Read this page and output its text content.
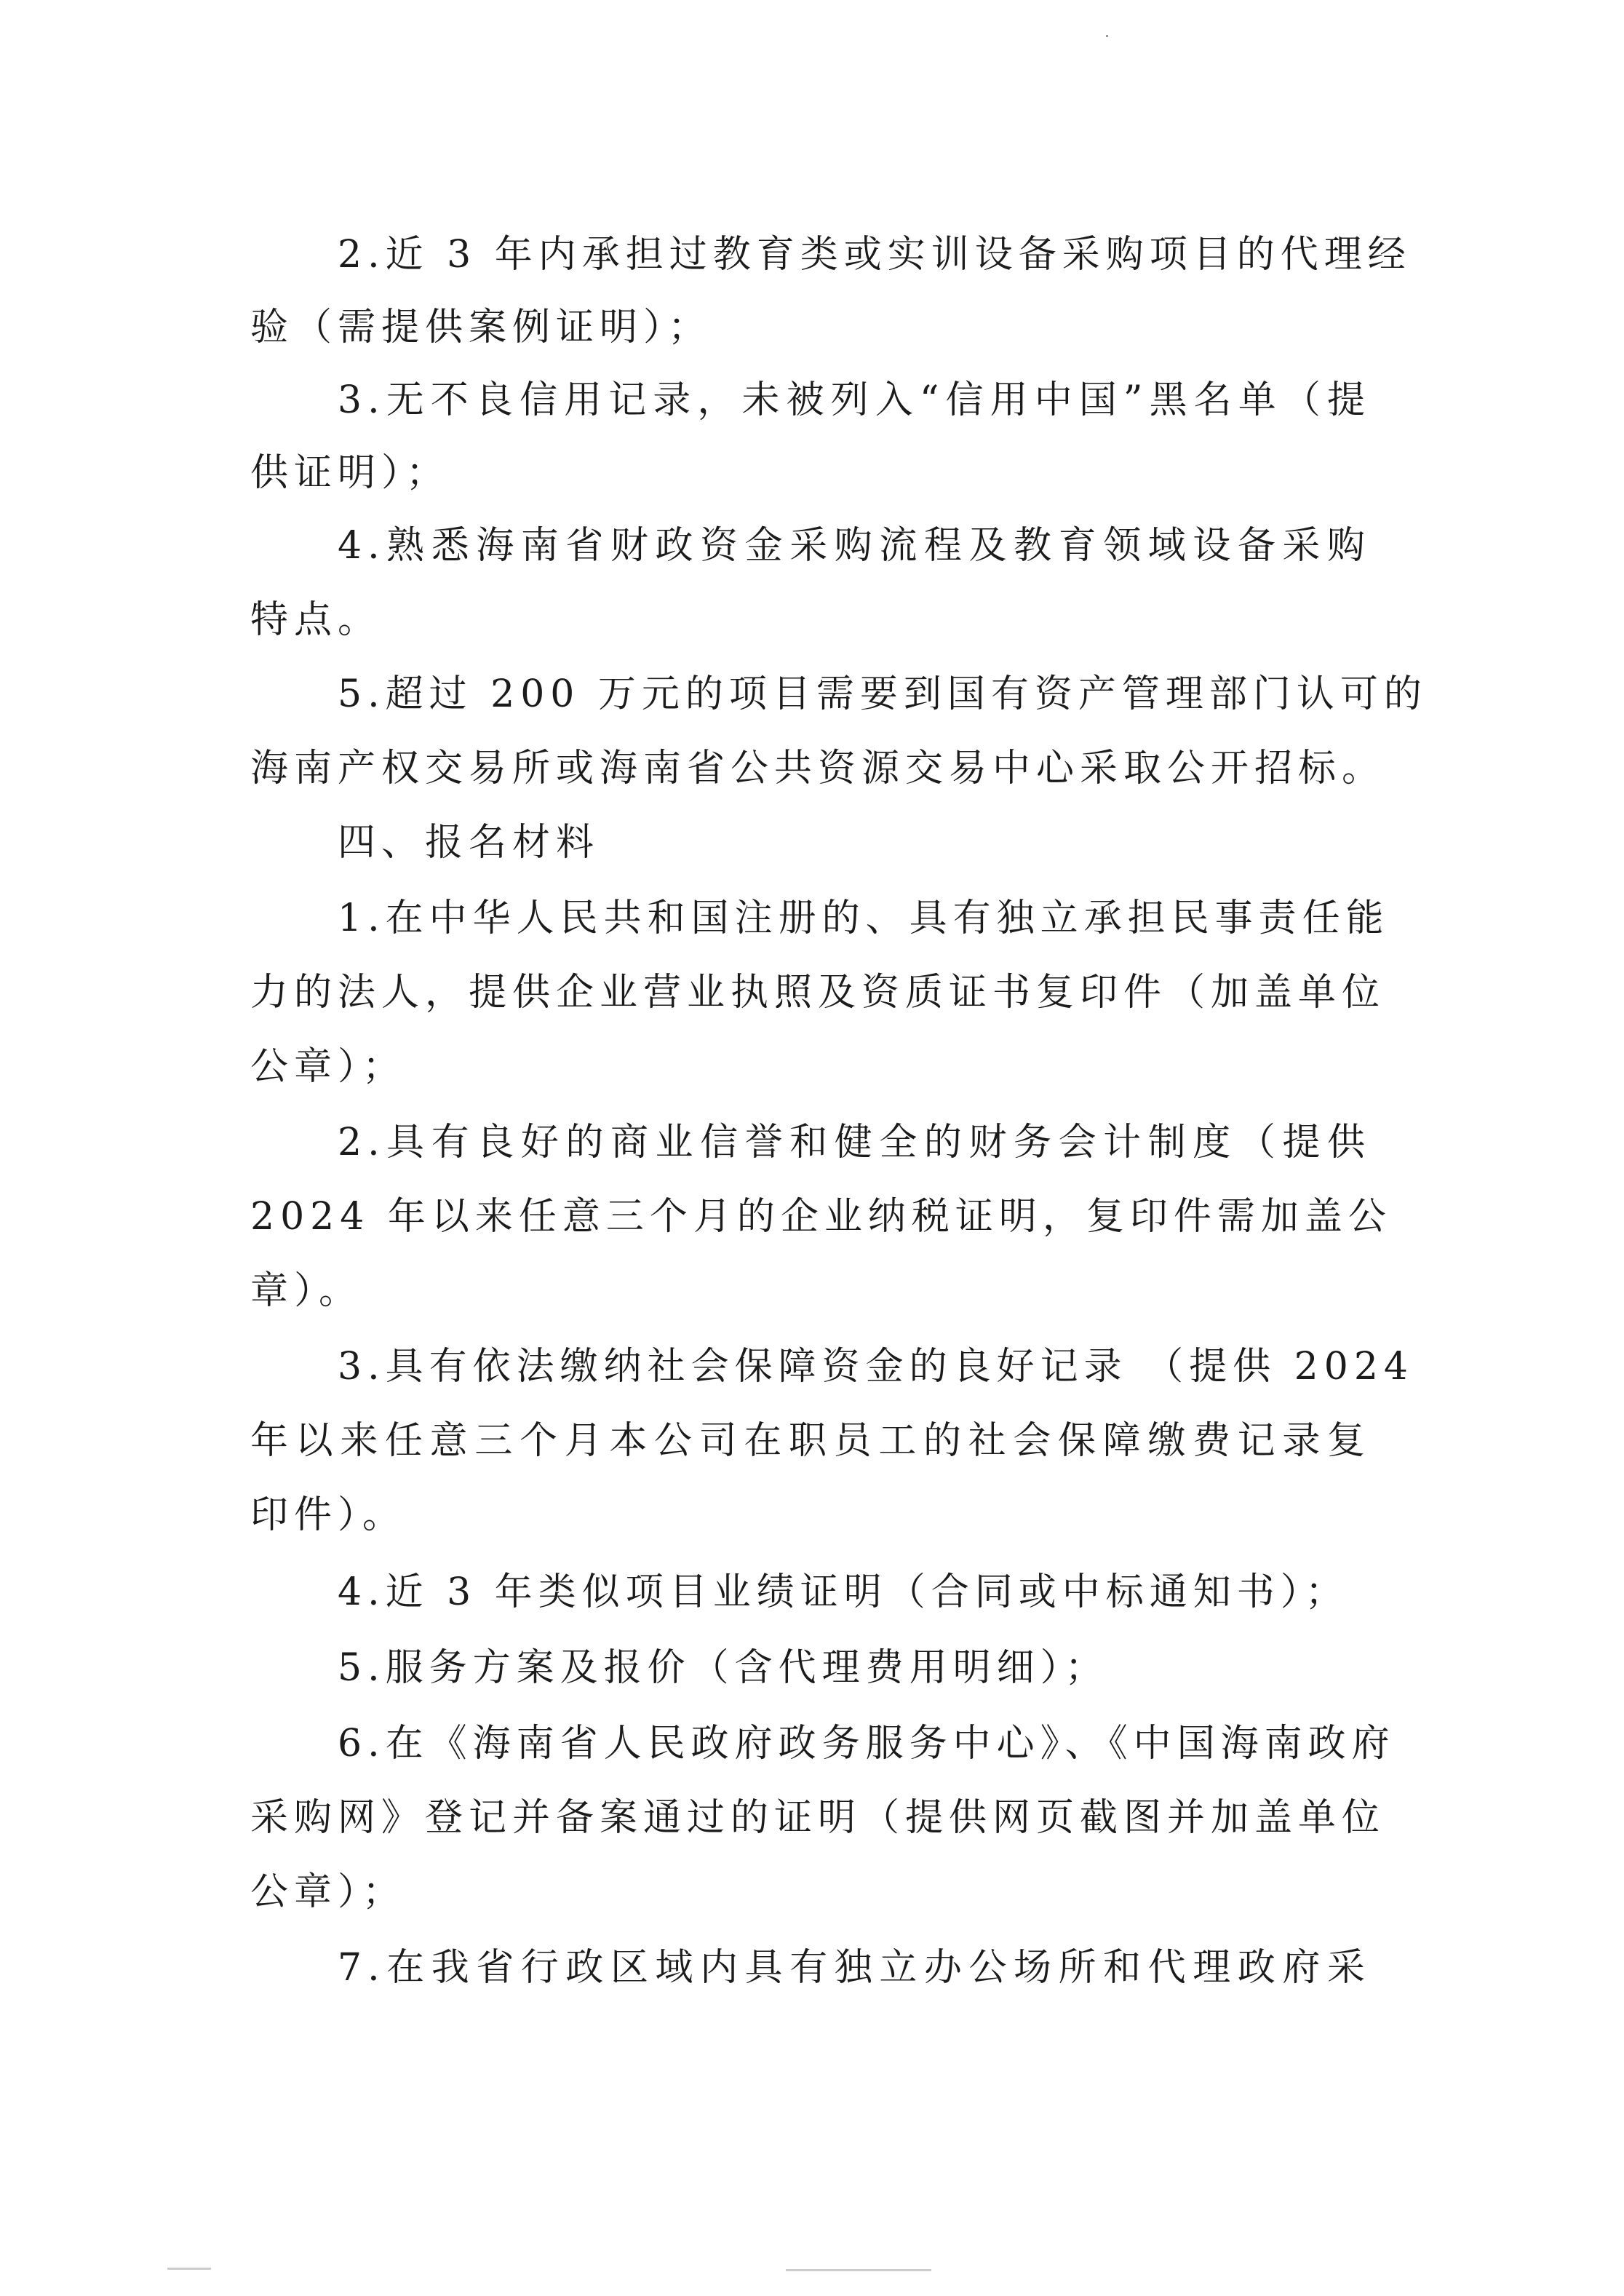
2.近 3 年内承担过教育类或实训设备采购项目的代理经
验（需提供案例证明）；
3.无不良信用记录，未被列入“信用中国”黑名单（提
供证明）；
4.熟悉海南省财政资金采购流程及教育领域设备采购
特点。
5.超过 200 万元的项目需要到国有资产管理部门认可的
海南产权交易所或海南省公共资源交易中心采取公开招标。
四、报名材料
1.在中华人民共和国注册的、具有独立承担民事责任能
力的法人，提供企业营业执照及资质证书复印件（加盖单位
公章）；
2.具有良好的商业信誉和健全的财务会计制度（提供
2024 年以来任意三个月的企业纳税证明，复印件需加盖公
章）。
3.具有依法缴纳社会保障资金的良好记录 （提供 2024
年以来任意三个月本公司在职员工的社会保障缴费记录复
印件）。
4.近 3 年类似项目业绩证明（合同或中标通知书）；
5.服务方案及报价（含代理费用明细）；
6.在《海南省人民政府政务服务中心》、《中国海南政府
采购网》登记并备案通过的证明（提供网页截图并加盖单位
公章）；
7.在我省行政区域内具有独立办公场所和代理政府采
